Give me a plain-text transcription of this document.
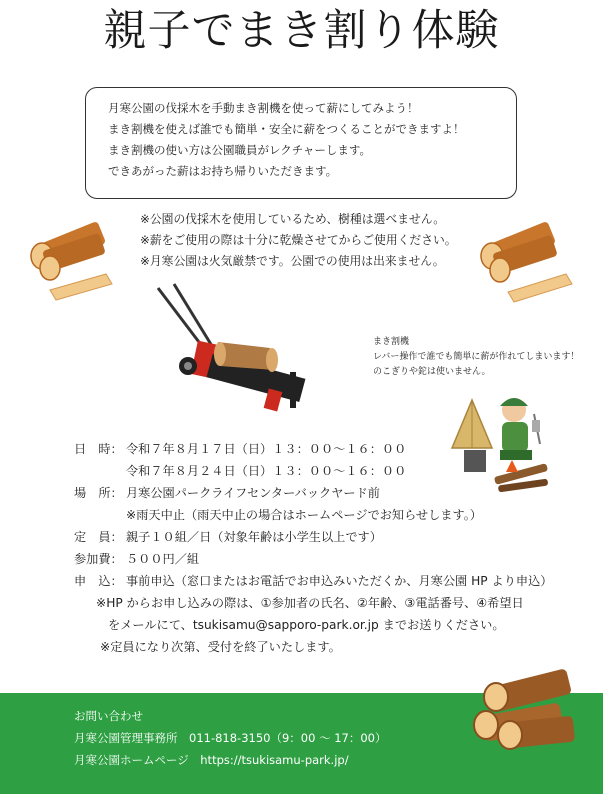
親子でまき割り体験
月寒公園の伐採木を手動まき割機を使って薪にしてみよう！
まき割機を使えば誰でも簡単・安全に薪をつくることができますよ！
まき割機の使い方は公園職員がレクチャーします。
できあがった薪はお持ち帰りいただきます。
※公園の伐採木を使用しているため、樹種は選べません。
※薪をご使用の際は十分に乾燥させてからご使用ください。
※月寒公園は火気厳禁です。公園での使用は出来ません。
まき割機
レバー操作で誰でも簡単に薪が作れてしまいます！
のこぎりや鉈は使いません。
日　時： 令和７年８月１７日（日）１３：００～１６：００
令和７年８月２４日（日）１３：００～１６：００
場　所： 月寒公園パークライフセンターバックヤード前
※雨天中止（雨天中止の場合はホームページでお知らせします。）
定　員： 親子１０組／日（対象年齢は小学生以上です）
参加費： ５００円／組
申　込： 事前申込（窓口またはお電話でお申込みいただくか、月寒公園 HP より申込）
※HP からお申し込みの際は、①参加者の氏名、②年齢、③電話番号、④希望日
をメールにて、tsukisamu@sapporo-park.or.jp までお送りください。
※定員になり次第、受付を終了いたします。
お問い合わせ
月寒公園管理事務所　011-818-3150（9：00 ～ 17：00）
月寒公園ホームページ　https://tsukisamu-park.jp/
